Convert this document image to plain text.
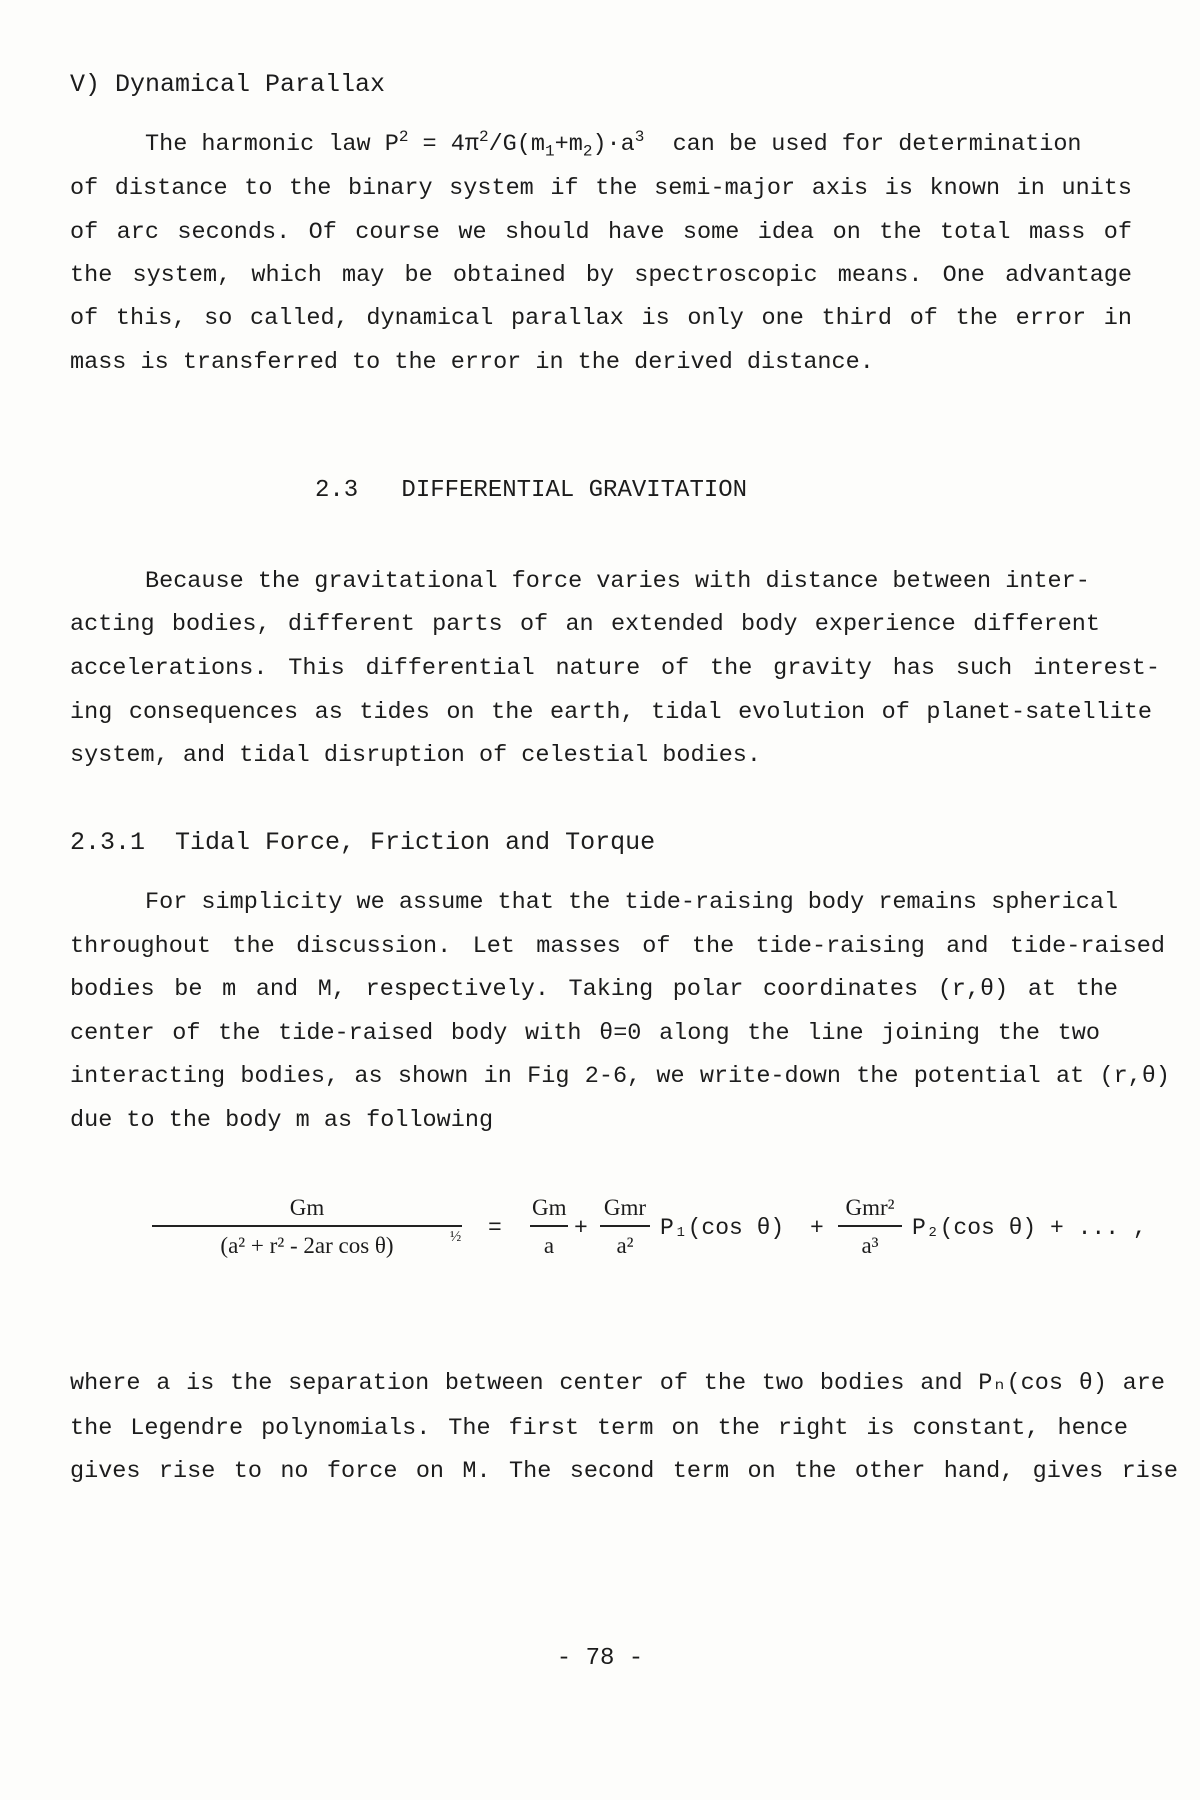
V) Dynamical Parallax
The harmonic law $P^2 = 4\pi^2/G(m_1+m_2)\cdot a^3$  can be used for determination
of distance to the binary system if the semi-major axis is known in units
of arc seconds. Of course we should have some idea on the total mass of
the system, which may be obtained by spectroscopic means. One advantage
of this, so called, dynamical parallax is only one third of the error in
mass is transferred to the error in the derived distance.
2.3   DIFFERENTIAL GRAVITATION
Because the gravitational force varies with distance between inter-
acting bodies, different parts of an extended body experience different
accelerations. This differential nature of the gravity has such interest-
ing consequences as tides on the earth, tidal evolution of planet-satellite
system, and tidal disruption of celestial bodies.
2.3.1  Tidal Force, Friction and Torque
For simplicity we assume that the tide-raising body remains spherical
throughout the discussion. Let masses of the tide-raising and tide-raised
bodies be m and M, respectively. Taking polar coordinates (r,θ) at the
center of the tide-raised body with θ=0 along the line joining the two
interacting bodies, as shown in Fig 2-6, we write-down the potential at (r,θ)
due to the body m as following
$\frac{Gm}{\text{(a² + r² - 2ar cos θ)}}$
½ = $\frac{Gm}{a}$ +
Gmr
a²
P₁(cos θ) +
Gmr²
a³
P₂(cos θ) + ... ,
where a is the separation between center of the two bodies and Pₙ(cos θ) are
the Legendre polynomials. The first term on the right is constant, hence
gives rise to no force on M. The second term on the other hand, gives rise
- 78 -
